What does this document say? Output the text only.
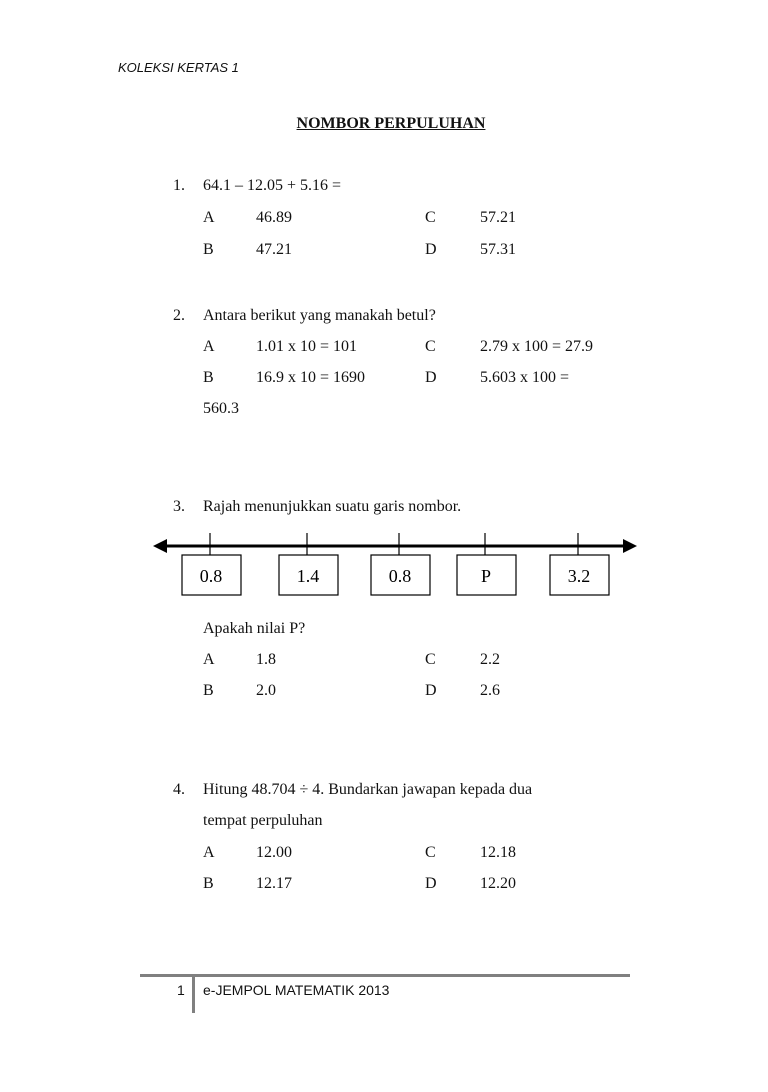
KOLEKSI KERTAS 1
NOMBOR PERPULUHAN
1. 64.1 – 12.05 + 5.16 =
A	46.89	C	57.21
B	47.21	D	57.31
2. Antara berikut yang manakah betul?
A	1.01 x 10 = 101	C	2.79 x 100 = 27.9
B	16.9 x 10 = 1690	D	5.603 x 100 =
560.3
3. Rajah menunjukkan suatu garis nombor.
0.8	1.4	0.8	P	3.2
Apakah nilai P?
A	1.8	C	2.2
B	2.0	D	2.6
4. Hitung 48.704 ÷ 4. Bundarkan jawapan kepada dua
tempat perpuluhan
A	12.00	C	12.18
B	12.17	D	12.20
1 e-JEMPOL MATEMATIK 2013
